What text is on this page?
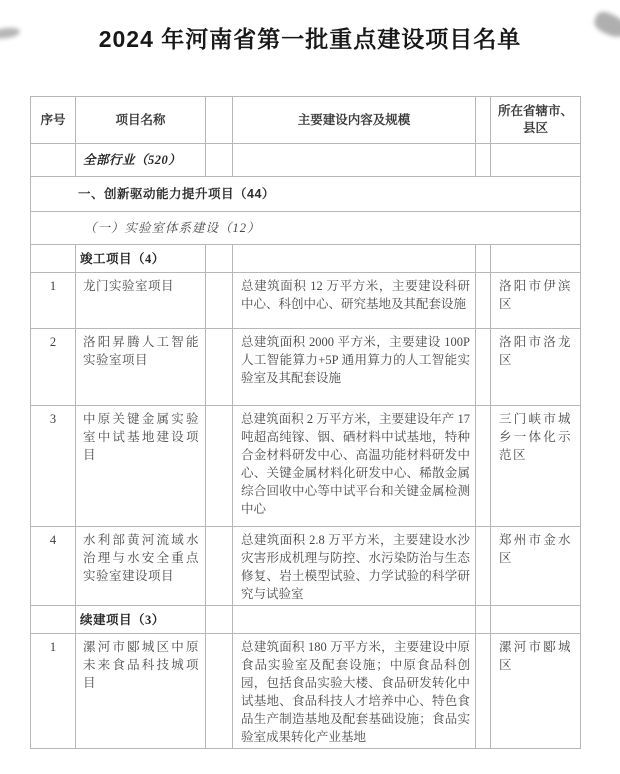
2024 年河南省第一批重点建设项目名单
序号	项目名称		主要建设内容及规模		所在省辖市、县区
	全部行业（520）				
一、创新驱动能力提升项目（44）					
（一）实验室体系建设（12）					
	竣工项目（4）				
1	龙门实验室项目		总建筑面积 12 万平方米，主要建设科研中心、科创中心、研究基地及其配套设施		洛阳市伊滨区
2	洛阳昇腾人工智能实验室项目		总建筑面积 2000 平方米，主要建设 100P 人工智能算力+5P 通用算力的人工智能实验室及其配套设施		洛阳市洛龙区
3	中原关键金属实验室中试基地建设项目		总建筑面积 2 万平方米，主要建设年产 17 吨超高纯镓、铟、硒材料中试基地，特种合金材料研发中心、高温功能材料研发中心、关键金属材料化研发中心、稀散金属综合回收中心等中试平台和关键金属检测中心		三门峡市城乡一体化示范区
4	水利部黄河流域水治理与水安全重点实验室建设项目		总建筑面积 2.8 万平方米，主要建设水沙灾害形成机理与防控、水污染防治与生态修复、岩土模型试验、力学试验的科学研究与试验室		郑州市金水区
	续建项目（3）				
1	漯河市郾城区中原未来食品科技城项目		总建筑面积 180 万平方米，主要建设中原食品实验室及配套设施；中原食品科创园，包括食品实验大楼、食品研发转化中试基地、食品科技人才培养中心、特色食品生产制造基地及配套基础设施；食品实验室成果转化产业基地		漯河市郾城区
